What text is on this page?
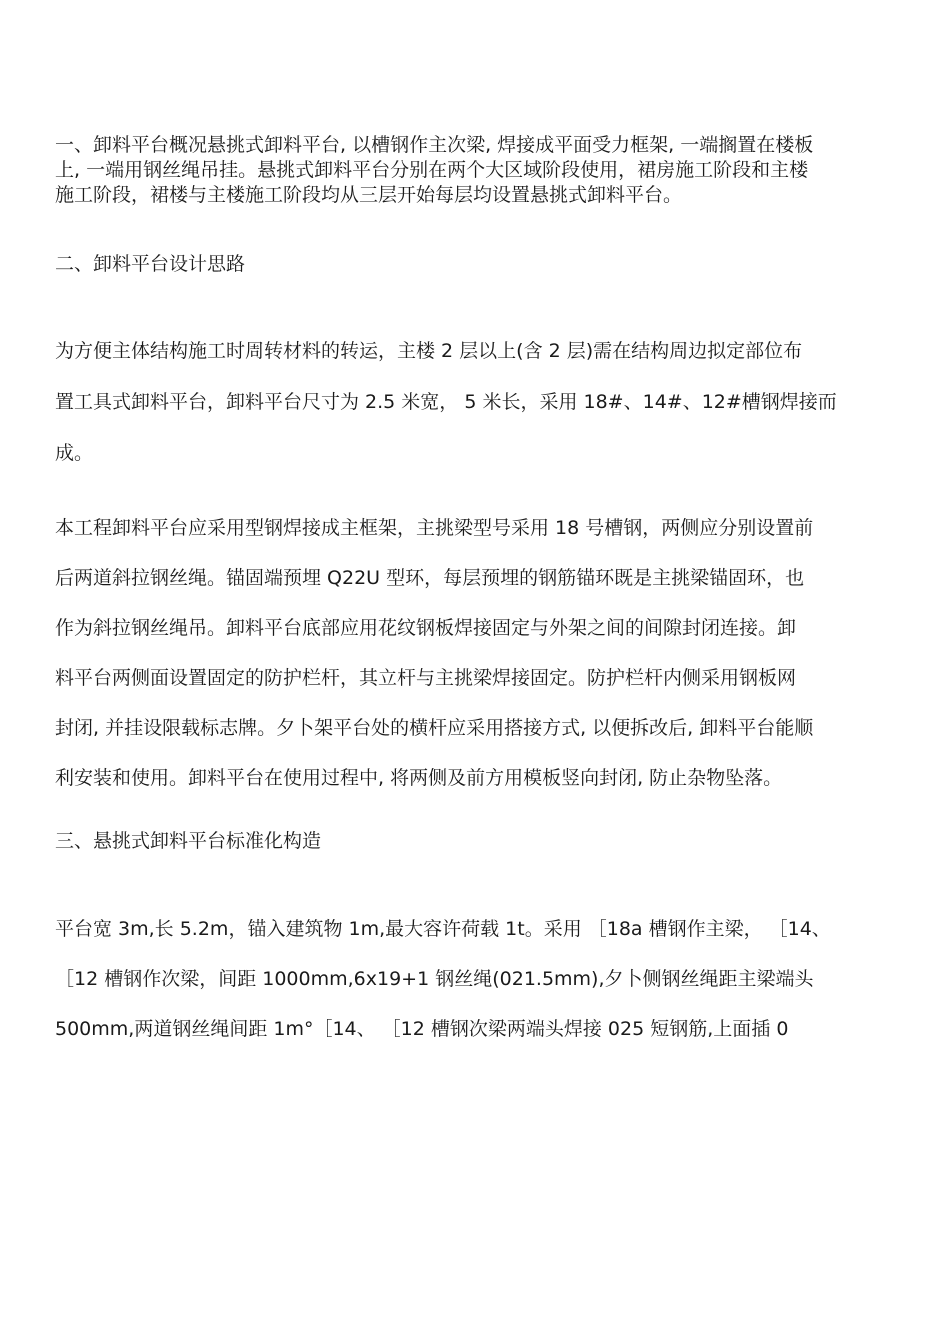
一、卸料平台概况悬挑式卸料平台, 以槽钢作主次梁, 焊接成平面受力框架, 一端搁置在楼板
上, 一端用钢丝绳吊挂。悬挑式卸料平台分别在两个大区域阶段使用，裙房施工阶段和主楼
施工阶段，裙楼与主楼施工阶段均从三层开始每层均设置悬挑式卸料平台。

二、卸料平台设计思路

为方便主体结构施工时周转材料的转运，主楼 2 层以上(含 2 层)需在结构周边拟定部位布
置工具式卸料平台，卸料平台尺寸为 2.5 米宽， 5 米长，采用 18#、14#、12#槽钢焊接而
成。

本工程卸料平台应采用型钢焊接成主框架，主挑梁型号采用 18 号槽钢，两侧应分别设置前
后两道斜拉钢丝绳。锚固端预埋 Q22U 型环，每层预埋的钢筋锚环既是主挑梁锚固环，也
作为斜拉钢丝绳吊。卸料平台底部应用花纹钢板焊接固定与外架之间的间隙封闭连接。卸
料平台两侧面设置固定的防护栏杆，其立杆与主挑梁焊接固定。防护栏杆内侧采用钢板网
封闭, 并挂设限载标志牌。夕卜架平台处的横杆应采用搭接方式, 以便拆改后, 卸料平台能顺
利安装和使用。卸料平台在使用过程中, 将两侧及前方用模板竖向封闭, 防止杂物坠落。

三、悬挑式卸料平台标准化构造

平台宽 3m,长 5.2m，锚入建筑物 1m,最大容许荷载 1t。采用 ［18a 槽钢作主梁， ［14、
［12 槽钢作次梁，间距 1000mm,6x19+1 钢丝绳(021.5mm),夕卜侧钢丝绳距主梁端头
500mm,两道钢丝绳间距 1m°［14、 ［12 槽钢次梁两端头焊接 025 短钢筋,上面插 0
